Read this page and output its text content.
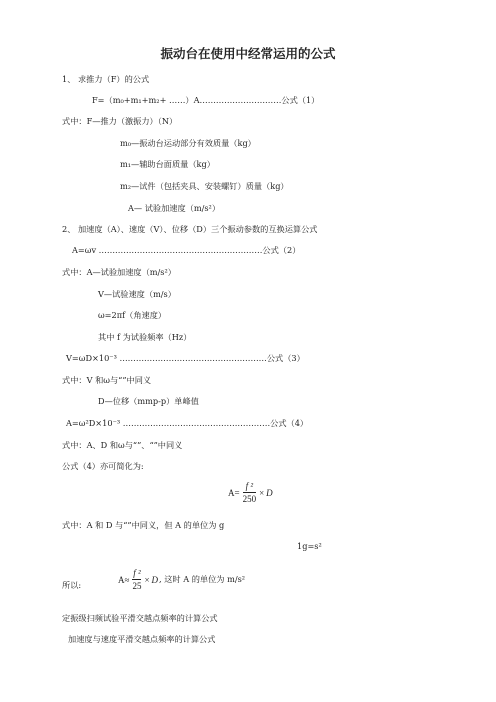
振动台在使用中经常运用的公式
1、 求推力（F）的公式
F=（m₀+m₁+m₂+ ……）A…………………………公式（1）
式中：F—推力（激振力）（N）
m₀—振动台运动部分有效质量（kg）
m₁—辅助台面质量（kg）
m₂—试件（包括夹具、安装螺钉）质量（kg）
A— 试验加速度（m/s²）
2、 加速度（A）、速度（V）、位移（D）三个振动参数的互换运算公式
A=ωv ……………………………………………………公式（2）
式中：A—试验加速度（m/s²）
V—试验速度（m/s）
ω=2πf（角速度）
其中 f 为试验频率（Hz）
V=ωD×10⁻³ ………………………………………………公式（3）
式中：V 和ω与“”中同义
D—位移（mmp-p）单峰值
A=ω²D×10⁻³ ………………………………………………公式（4）
式中：A、D 和ω与“”、“”中同义
公式（4）亦可简化为:
式中：A 和 D 与“”中同义，但 A 的单位为 g
1g=s²
所以:
定振级扫频试验平滑交越点频率的计算公式
加速度与速度平滑交越点频率的计算公式
$A= \frac{\text{f ²}}{250} \times D$
$A\approx \frac{\text{f ²}}{25} \times D$ , 这时 A 的单位为 m/s²
